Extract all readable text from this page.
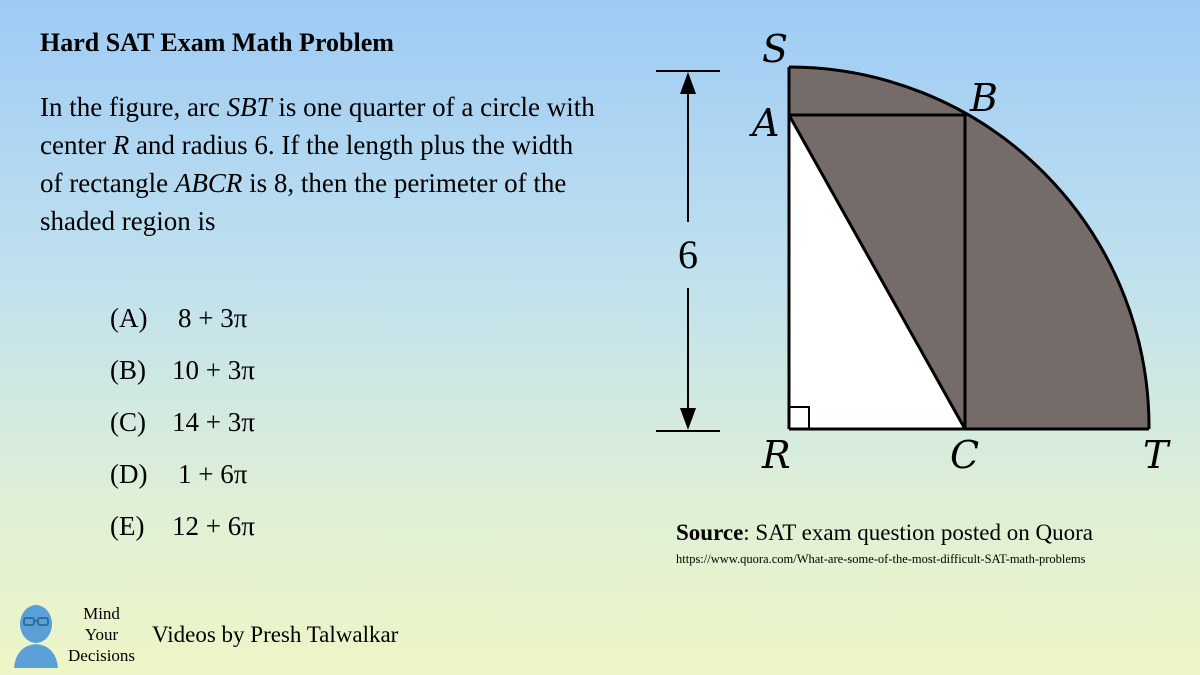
Hard SAT Exam Math Problem
In the figure, arc SBT is one quarter of a circle with center R and radius 6. If the length plus the width of rectangle ABCR is 8, then the perimeter of the shaded region is
(A) 8 + 3π
(B) 10 + 3π
(C) 14 + 3π
(D) 1 + 6π
(E) 12 + 6π
6
S
A
B
R	C	T
Source: SAT exam question posted on Quora
https://www.quora.com/What-are-some-of-the-most-difficult-SAT-math-problems
Mind
Your
Decisions
Videos by Presh Talwalkar
